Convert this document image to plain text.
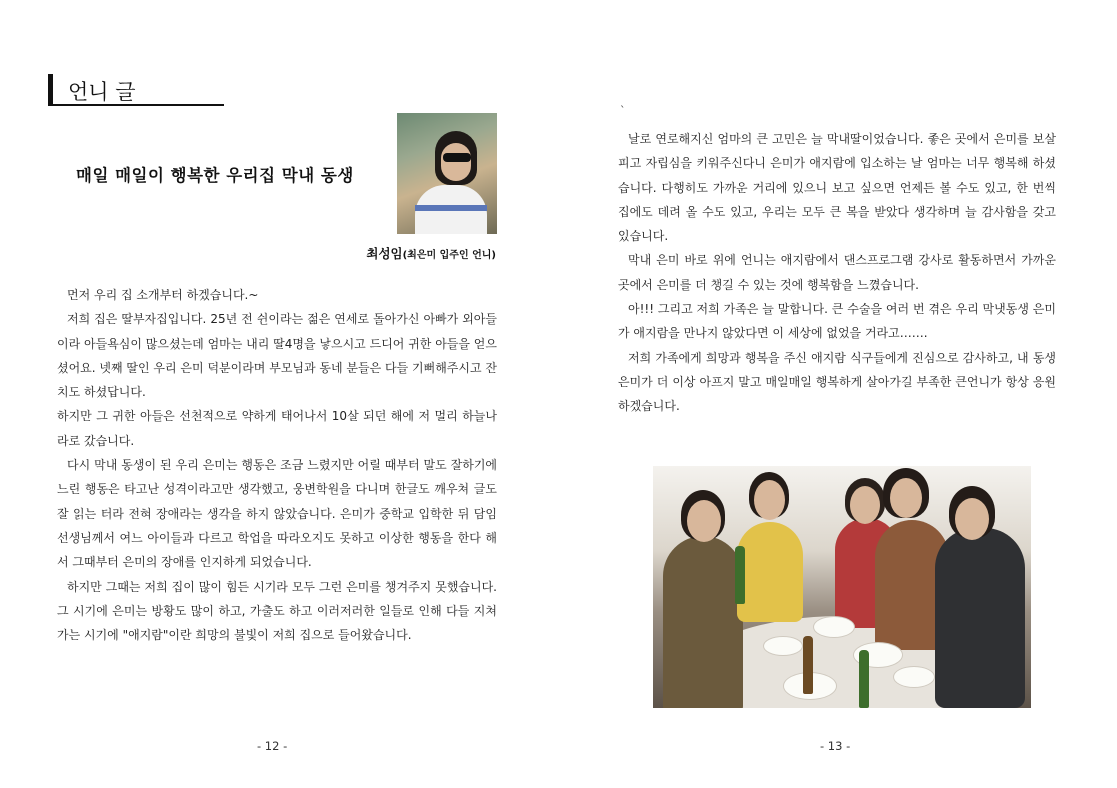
언니 글
매일 매일이 행복한 우리집 막내 동생
최성임(최은미 입주인 언니)

먼저 우리 집 소개부터 하겠습니다.~

저희 집은 딸부자집입니다. 25년 전 쉰이라는 젊은 연세로 돌아가신 아빠가 외아들이라 아들욕심이 많으셨는데 엄마는 내리 딸4명을 낳으시고 드디어 귀한 아들을 얻으셨어요. 넷째 딸인 우리 은미 덕분이라며 부모님과 동네 분들은 다들 기뻐해주시고 잔치도 하셨답니다.

하지만 그 귀한 아들은 선천적으로 약하게 태어나서 10살 되던 해에 저 멀리 하늘나라로 갔습니다.

다시 막내 동생이 된 우리 은미는 행동은 조금 느렸지만 어릴 때부터 말도 잘하기에 느린 행동은 타고난 성격이라고만 생각했고, 웅변학원을 다니며 한글도 깨우쳐 글도 잘 읽는 터라 전혀 장애라는 생각을 하지 않았습니다. 은미가 중학교 입학한 뒤 담임선생님께서 여느 아이들과 다르고 학업을 따라오지도 못하고 이상한 행동을 한다 해서 그때부터 은미의 장애를 인지하게 되었습니다.

하지만 그때는 저희 집이 많이 힘든 시기라 모두 그런 은미를 챙겨주지 못했습니다. 그 시기에 은미는 방황도 많이 하고, 가출도 하고 이러저러한 일들로 인해 다들 지쳐가는 시기에 "애지람"이란 희망의 불빛이 저희 집으로 들어왔습니다.

- 12 -
`

날로 연로해지신 엄마의 큰 고민은 늘 막내딸이었습니다. 좋은 곳에서 은미를 보살피고 자립심을 키워주신다니 은미가 애지람에 입소하는 날 엄마는 너무 행복해 하셨습니다. 다행히도 가까운 거리에 있으니 보고 싶으면 언제든 볼 수도 있고, 한 번씩 집에도 데려 올 수도 있고, 우리는 모두 큰 복을 받았다 생각하며 늘 감사함을 갖고 있습니다.

막내 은미 바로 위에 언니는 애지람에서 댄스프로그램 강사로 활동하면서 가까운 곳에서 은미를 더 챙길 수 있는 것에 행복함을 느꼈습니다.

아!!! 그리고 저희 가족은 늘 말합니다. 큰 수술을 여러 번 겪은 우리 막냇동생 은미가 애지람을 만나지 않았다면 이 세상에 없었을 거라고…….

저희 가족에게 희망과 행복을 주신 애지람 식구들에게 진심으로 감사하고, 내 동생 은미가 더 이상 아프지 말고 매일매일 행복하게 살아가길 부족한 큰언니가 항상 응원하겠습니다.

- 13 -
